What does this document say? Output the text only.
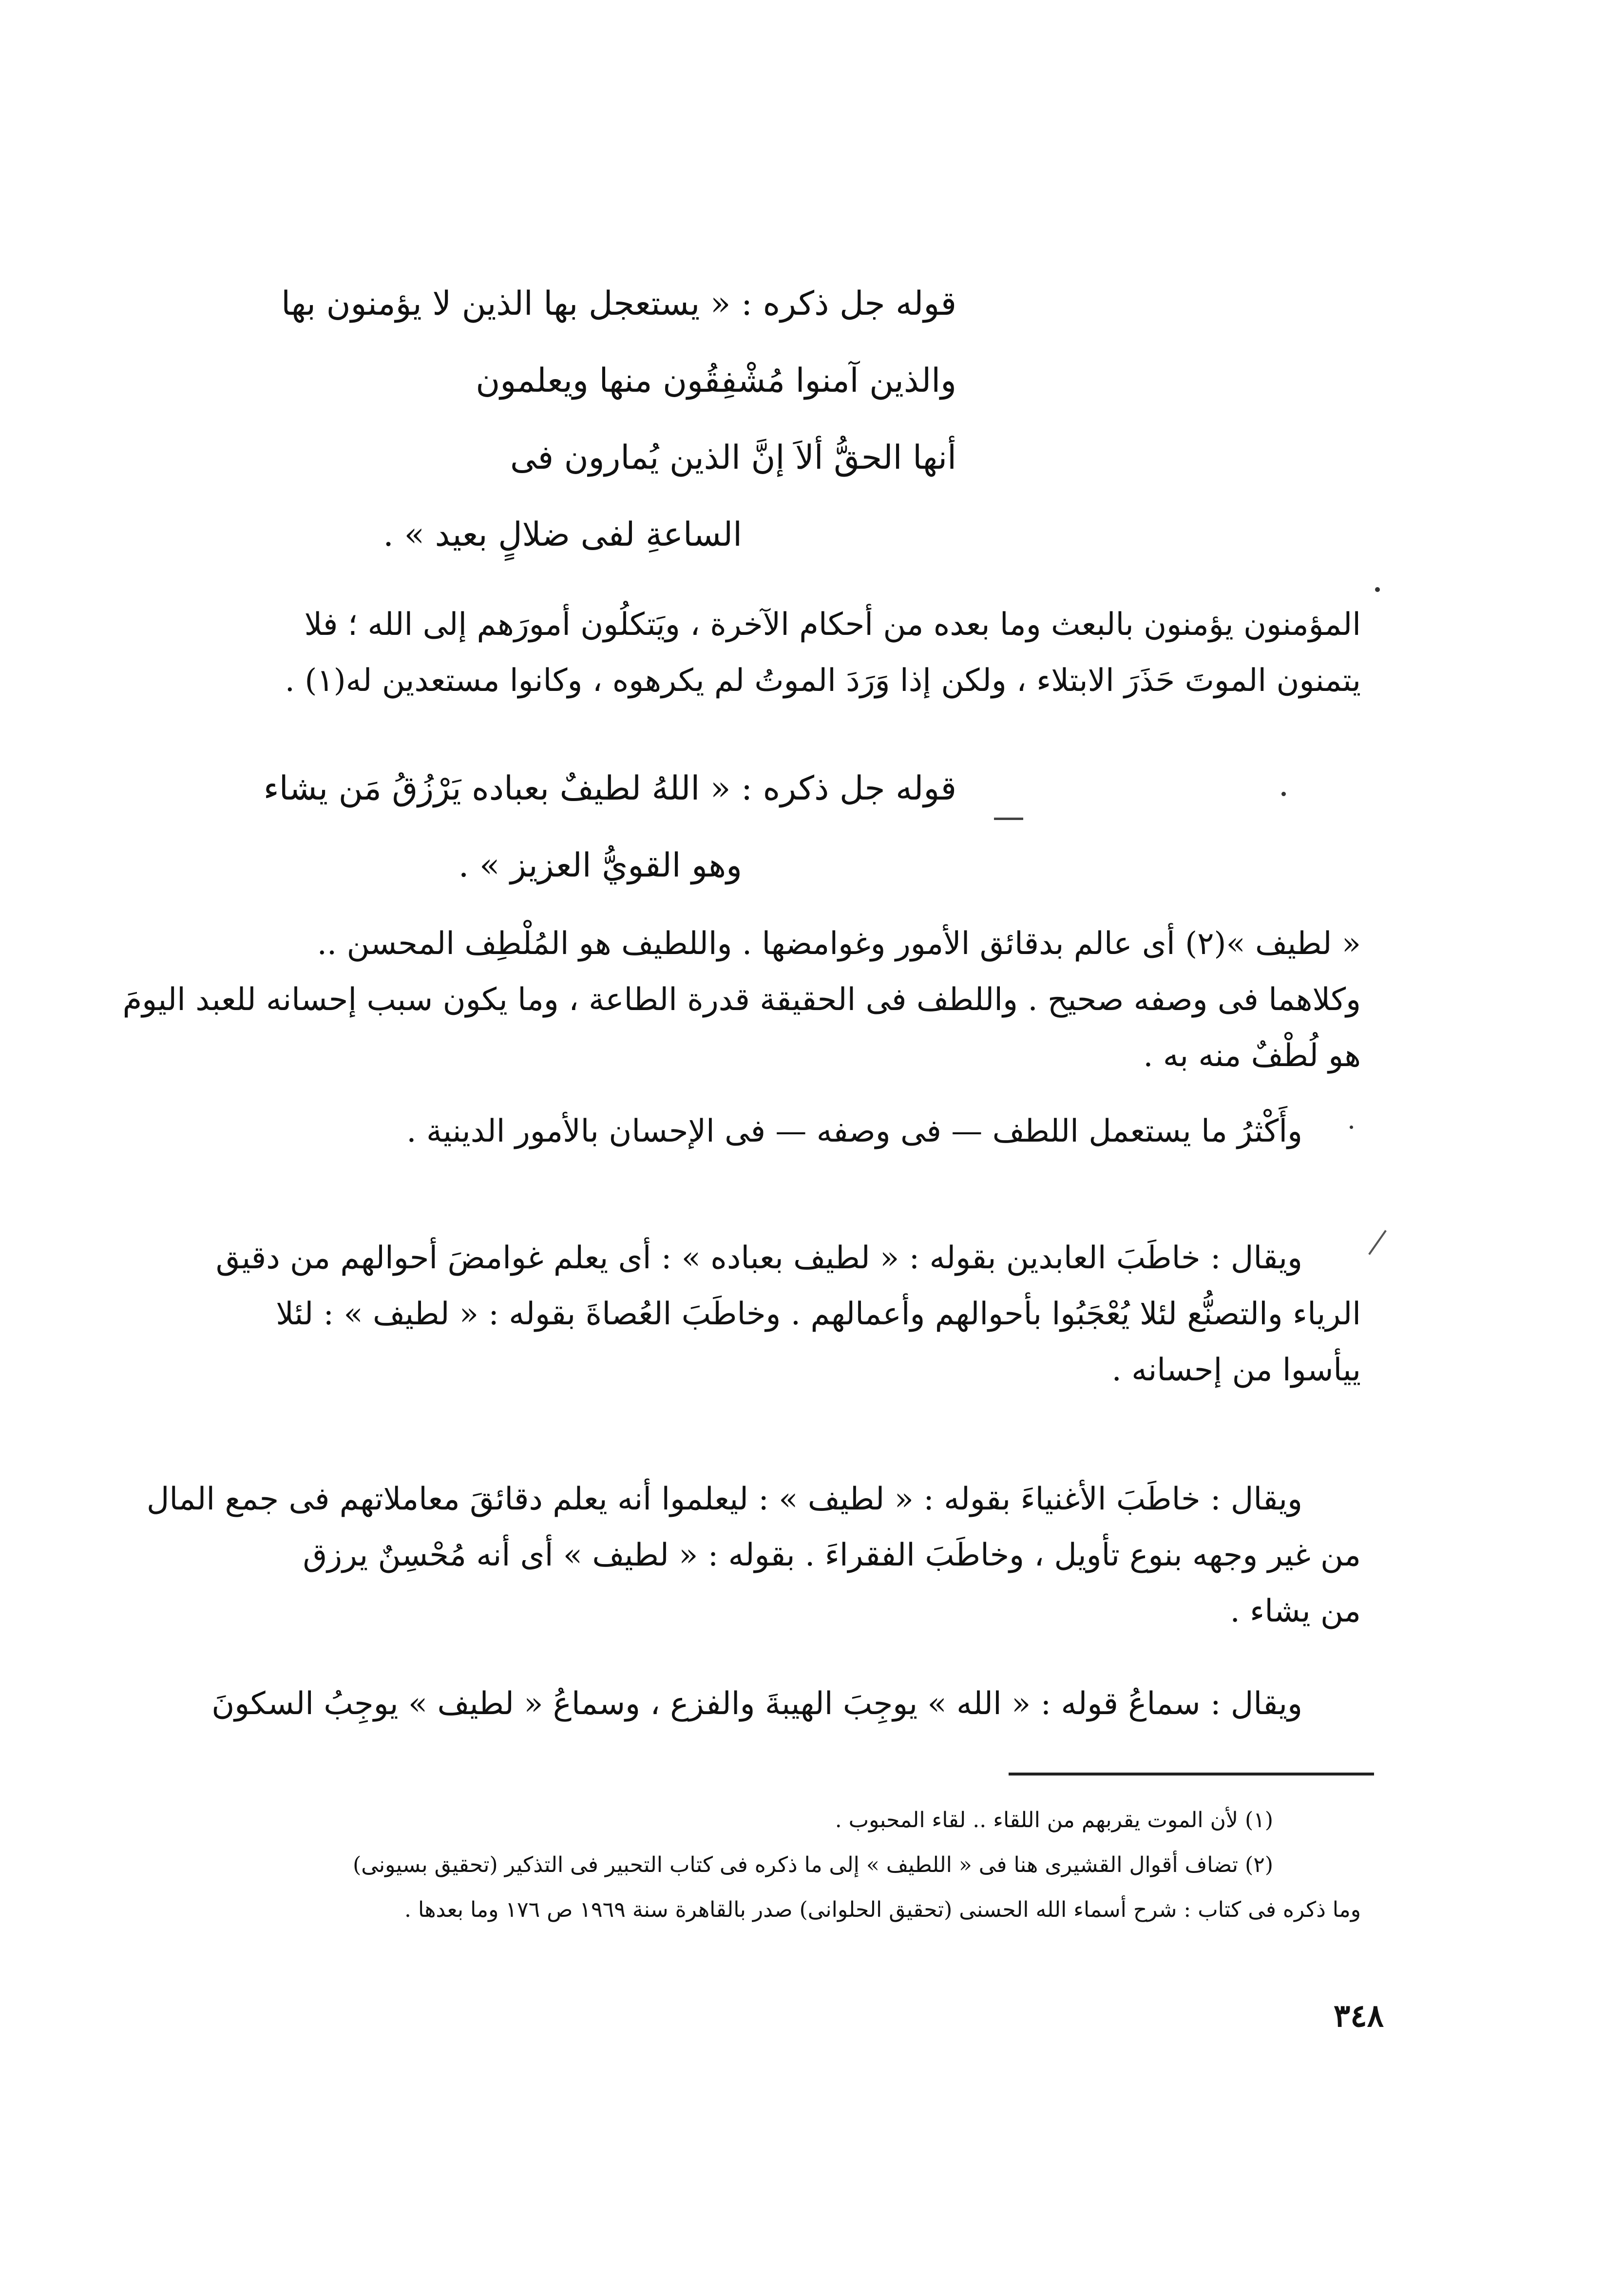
قوله جل ذكره : « يستعجل بها الذين لا يؤمنون بها
والذين آمنوا مُشْفِقُون منها ويعلمون
أنها الحقُّ ألاَ إنَّ الذين يُمارون فى
الساعةِ لفى ضلالٍ بعيد » .
المؤمنون يؤمنون بالبعث وما بعده من أحكام الآخرة ، ويَتكلُون أمورَهم إلى الله ؛ فلا
يتمنون الموتَ حَذَرَ الابتلاء ، ولكن إذا وَرَدَ الموتُ لم يكرهوه ، وكانوا مستعدين له(١) .
قوله جل ذكره : « اللهُ لطيفٌ بعباده يَرْزُقُ مَن يشاء
وهو القويُّ العزيز » .
« لطيف »(٢) أى عالم بدقائق الأمور وغوامضها . واللطيف هو المُلْطِف المحسن ..
وكلاهما فى وصفه صحيح . واللطف فى الحقيقة قدرة الطاعة ، وما يكون سبب إحسانه للعبد اليومَ
هو لُطْفٌ منه به .
وأَكْثرُ ما يستعمل اللطف — فى وصفه — فى الإحسان بالأمور الدينية .
ويقال : خاطَبَ العابدين بقوله : « لطيف بعباده » : أى يعلم غوامضَ أحوالهم من دقيق
الرياء والتصنُّع لئلا يُعْجَبُوا بأحوالهم وأعمالهم . وخاطَبَ العُصاةَ بقوله : « لطيف » : لئلا
ييأسوا من إحسانه .
ويقال : خاطَبَ الأغنياءَ بقوله : « لطيف » : ليعلموا أنه يعلم دقائقَ معاملاتهم فى جمع المال
من غير وجهه بنوع تأويل ، وخاطَبَ الفقراءَ . بقوله : « لطيف » أى أنه مُحْسِنٌ يرزق
من يشاء .
ويقال : سماعُ قوله : « الله » يوجِبَ الهيبةَ والفزع ، وسماعُ « لطيف » يوجِبُ السكونَ
(١) لأن الموت يقربهم من اللقاء .. لقاء المحبوب .
(٢) تضاف أقوال القشيرى هنا فى « اللطيف » إلى ما ذكره فى كتاب التحبير فى التذكير (تحقيق بسيونى)
وما ذكره فى كتاب : شرح أسماء الله الحسنى (تحقيق الحلوانى) صدر بالقاهرة سنة ١٩٦٩ ص ١٧٦ وما بعدها .
٣٤٨
